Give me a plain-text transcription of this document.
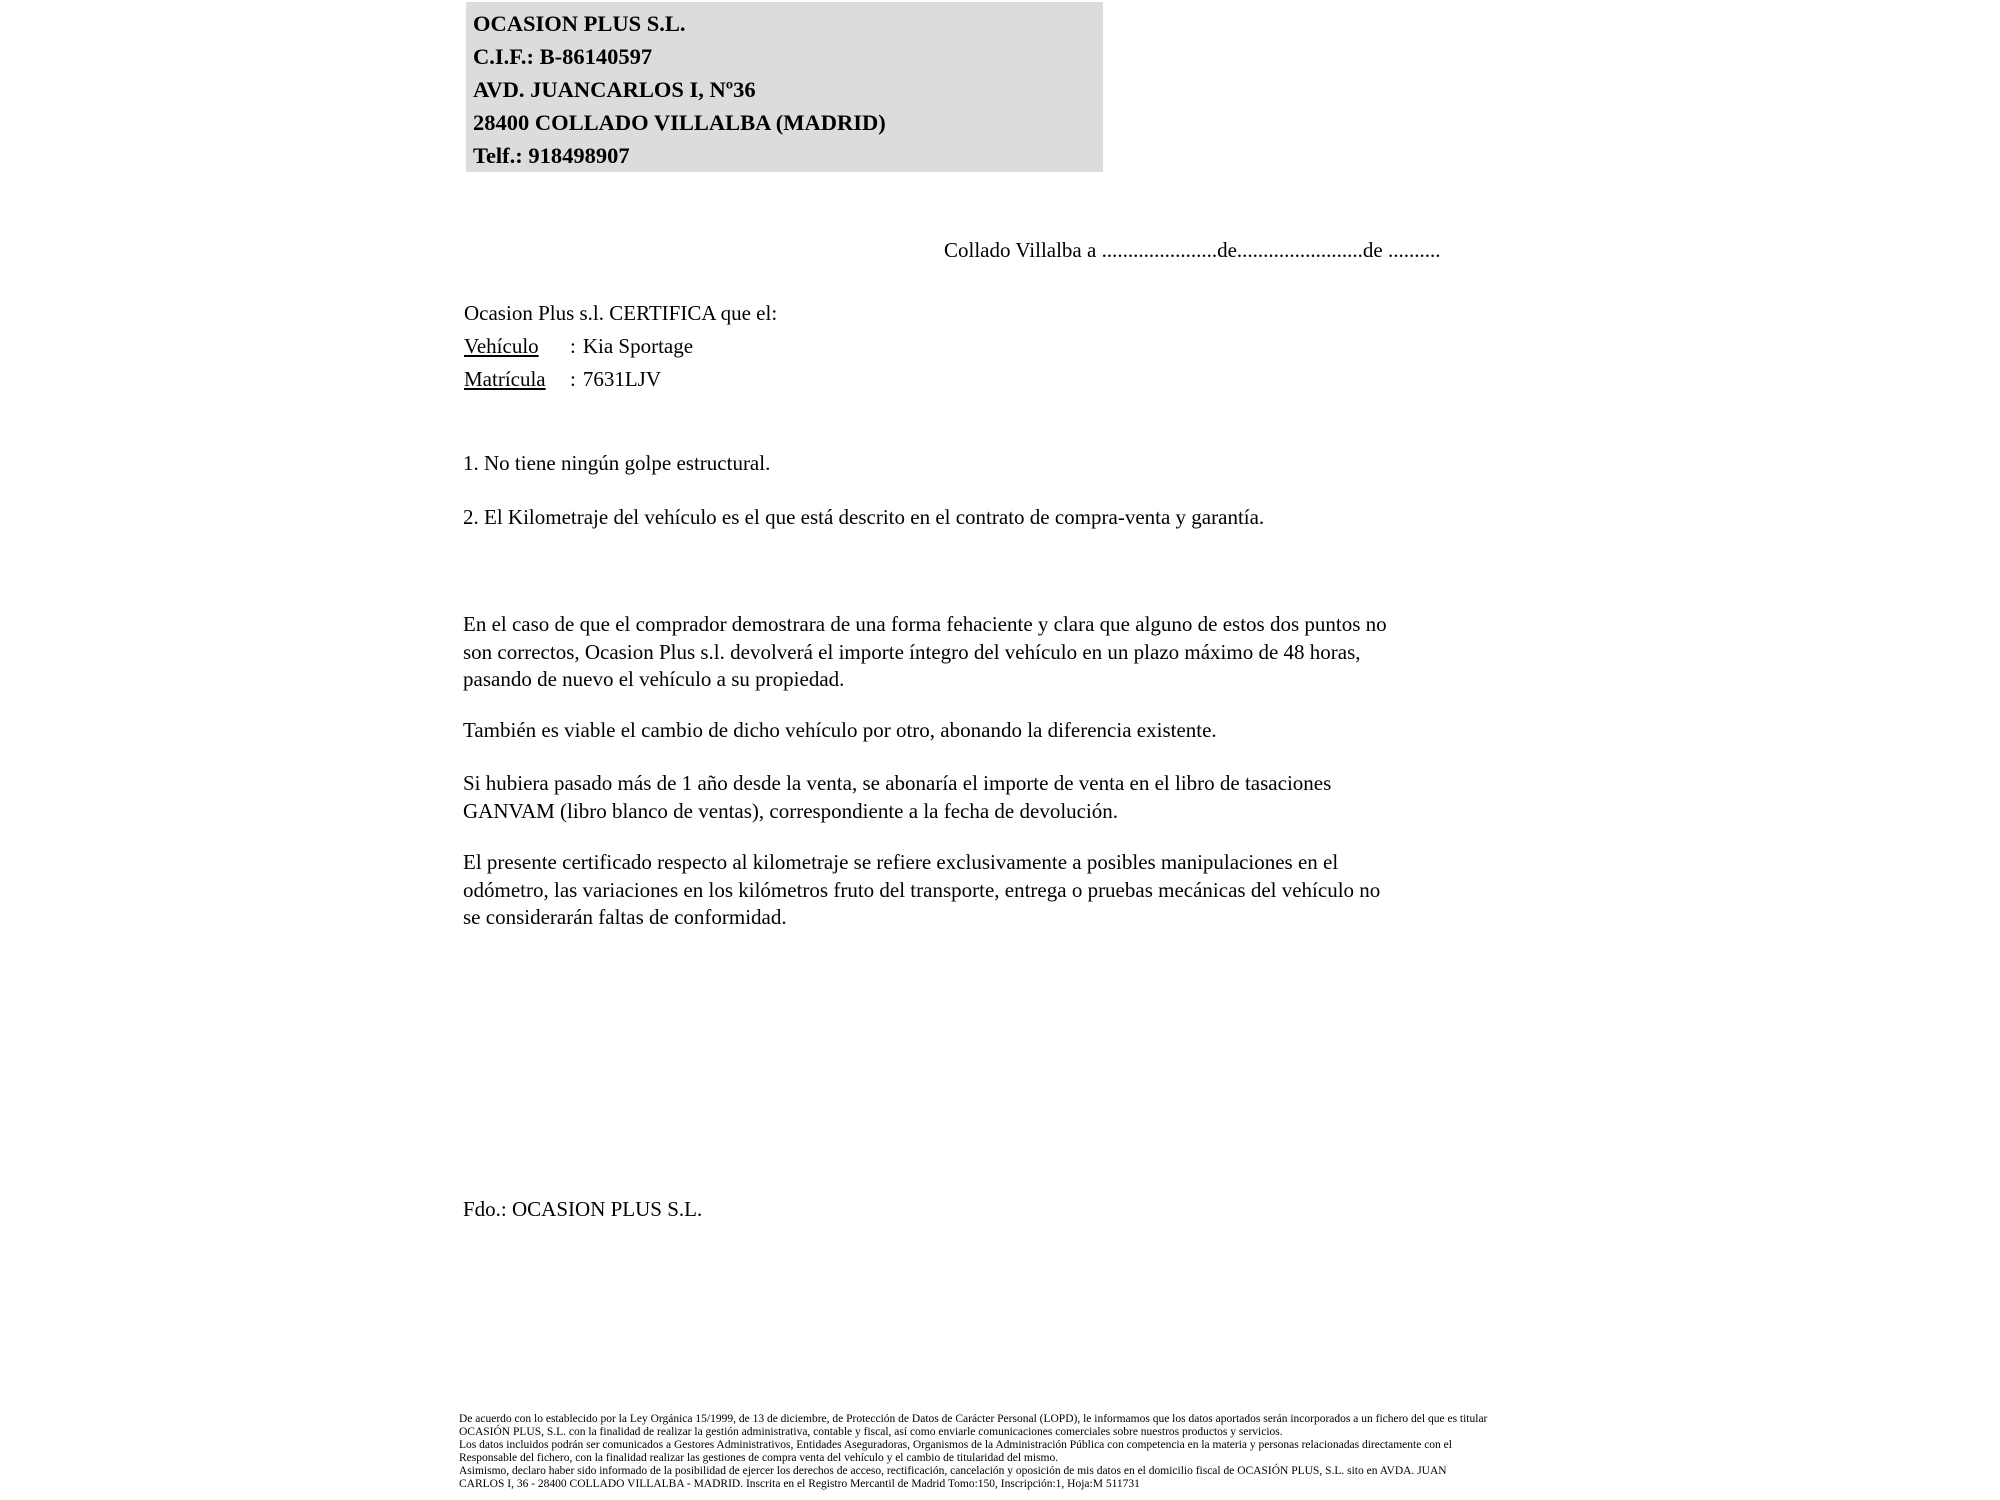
OCASION PLUS S.L.
C.I.F.: B-86140597
AVD. JUANCARLOS I, Nº36
28400 COLLADO VILLALBA (MADRID)
Telf.: 918498907
Collado Villalba a ......................de........................de ..........
Ocasion Plus s.l. CERTIFICA que el:
Vehículo : Kia Sportage
Matrícula : 7631LJV
1. No tiene ningún golpe estructural.
2. El Kilometraje del vehículo es el que está descrito en el contrato de compra-venta y garantía.
En el caso de que el comprador demostrara de una forma fehaciente y clara que alguno de estos dos puntos no
son correctos, Ocasion Plus s.l. devolverá el importe íntegro del vehículo en un plazo máximo de 48 horas,
pasando de nuevo el vehículo a su propiedad.
También es viable el cambio de dicho vehículo por otro, abonando la diferencia existente.
Si hubiera pasado más de 1 año desde la venta, se abonaría el importe de venta en el libro de tasaciones
GANVAM (libro blanco de ventas), correspondiente a la fecha de devolución.
El presente certificado respecto al kilometraje se refiere exclusivamente a posibles manipulaciones en el
odómetro, las variaciones en los kilómetros fruto del transporte, entrega o pruebas mecánicas del vehículo no
se considerarán faltas de conformidad.
Fdo.: OCASION PLUS S.L.
De acuerdo con lo establecido por la Ley Orgánica 15/1999, de 13 de diciembre, de Protección de Datos de Carácter Personal (LOPD), le informamos que los datos aportados serán incorporados a un fichero del que es titular
OCASIÓN PLUS, S.L. con la finalidad de realizar la gestión administrativa, contable y fiscal, así como enviarle comunicaciones comerciales sobre nuestros productos y servicios.
Los datos incluidos podrán ser comunicados a Gestores Administrativos, Entidades Aseguradoras, Organismos de la Administración Pública con competencia en la materia y personas relacionadas directamente con el
Responsable del fichero, con la finalidad realizar las gestiones de compra venta del vehículo y el cambio de titularidad del mismo.
Asimismo, declaro haber sido informado de la posibilidad de ejercer los derechos de acceso, rectificación, cancelación y oposición de mis datos en el domicilio fiscal de OCASIÓN PLUS, S.L. sito en AVDA. JUAN
CARLOS I, 36 - 28400 COLLADO VILLALBA - MADRID. Inscrita en el Registro Mercantil de Madrid Tomo:150, Inscripción:1, Hoja:M 511731
